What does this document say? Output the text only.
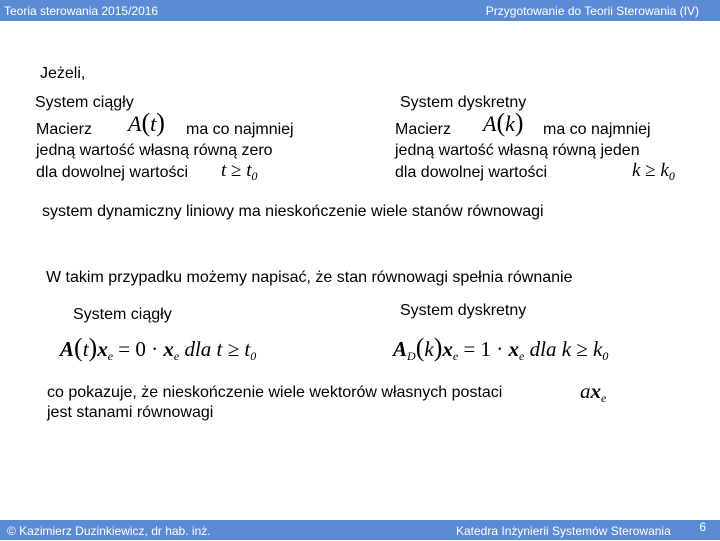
Teoria sterowania 2015/2016	Przygotowanie do Teorii Sterowania (IV)
Jeżeli,
System ciągły
Macierz A(t) ma co najmniej
jedną wartość własną równą zero
dla dowolnej wartości $t \ge t_0$
System dyskretny
Macierz A(k) ma co najmniej
jedną wartość własną równą jeden
dla dowolnej wartości	$k \ge k_0$
system dynamiczny liniowy ma nieskończenie wiele stanów równowagi
W takim przypadku możemy napisać, że stan równowagi spełnia równanie
System ciągły	System dyskretny
$A(t)x_e = 0 \cdot x_e$ dla $t \ge t_0$	$A_D(k)x_e = 1 \cdot x_e$ dla $k \ge k_0$
co pokazuje, że nieskończenie wiele wektorów własnych postaci	$ax_e$
jest stanami równowagi
© Kazimierz Duzinkiewicz, dr hab. inż.	Katedra Inżynierii Systemów Sterowania 6
